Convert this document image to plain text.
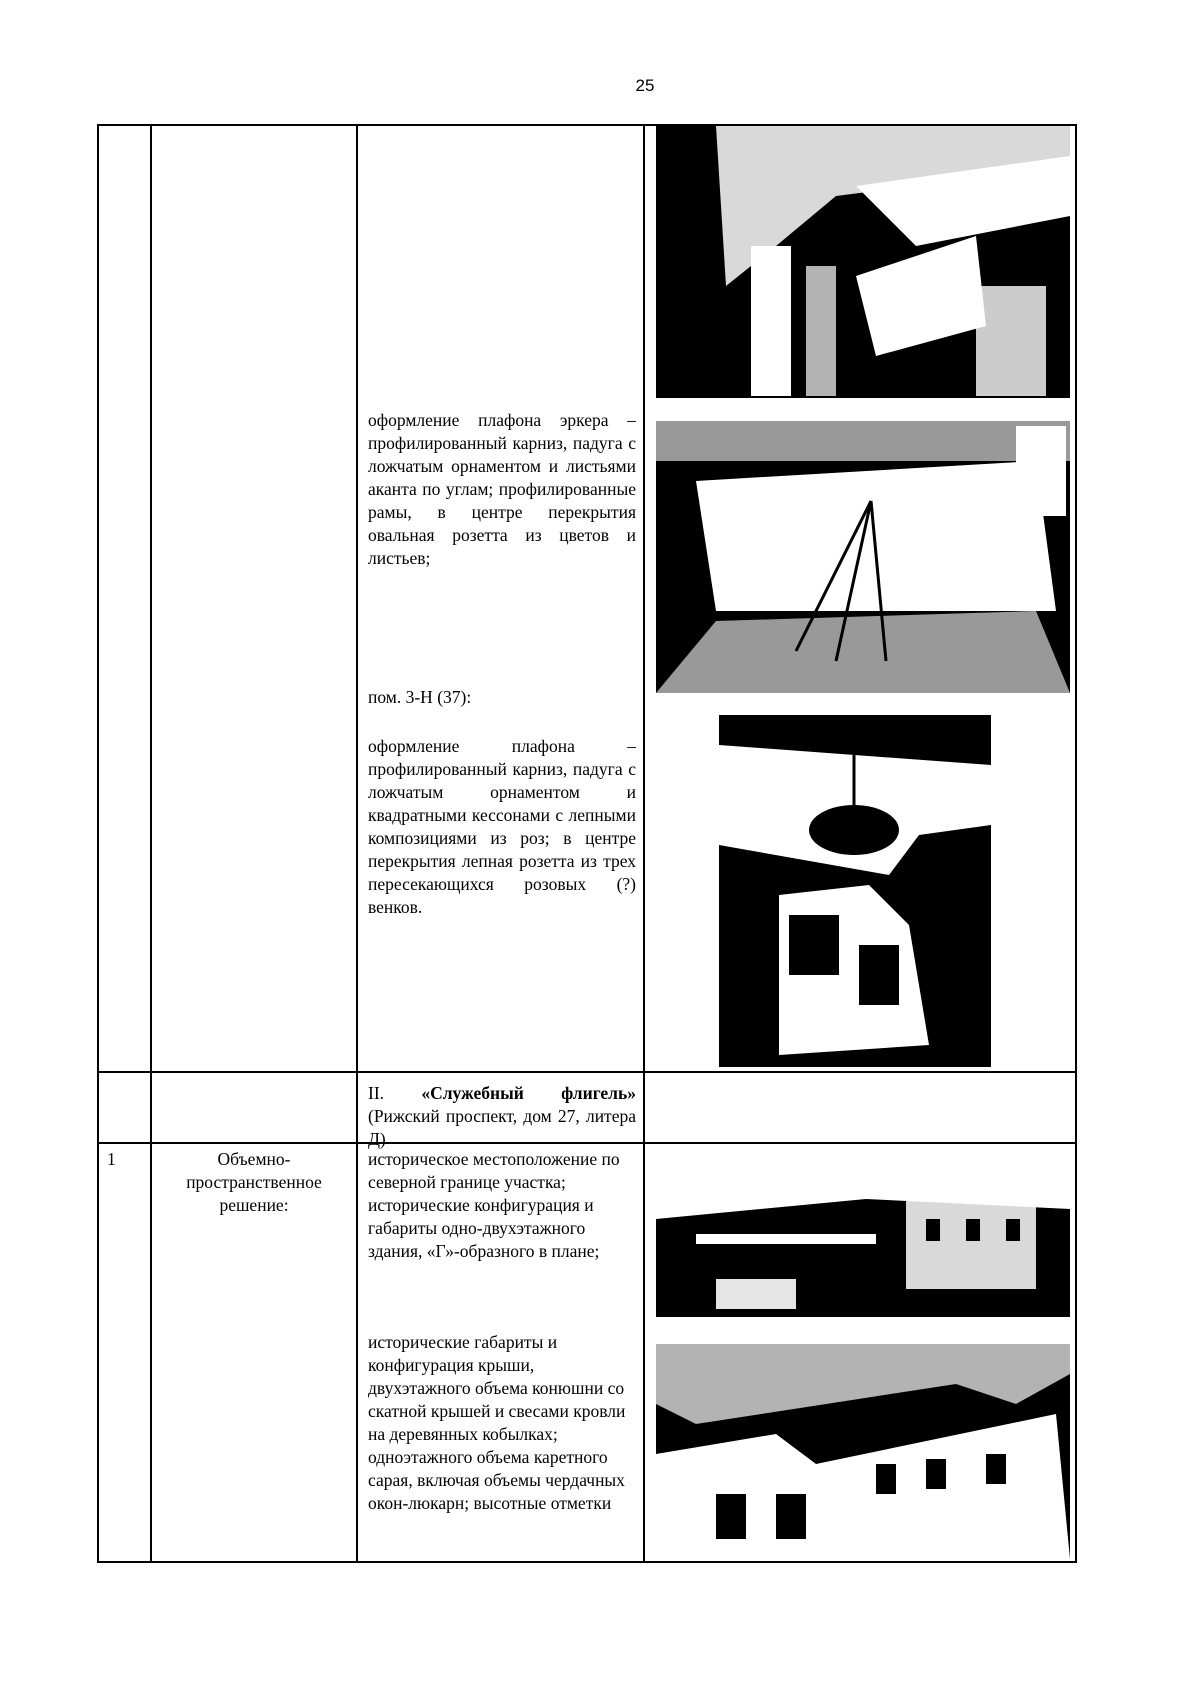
25
оформление плафона эркера – профилированный карниз, падуга с ложчатым орнаментом и листьями аканта по углам; профилированные рамы, в центре перекрытия овальная розетта из цветов и листьев;
пом. 3-Н (37):
оформление плафона – профилированный карниз, падуга с ложчатым орнаментом и квадратными кессонами с лепными композициями из роз; в центре перекрытия лепная розетта из трех пересекающихся розовых (?) венков.
II. «Служебный флигель» (Рижский проспект, дом 27, литера Д)
1	Объемно-пространственное решение:
историческое местоположение по северной границе участка; исторические конфигурация и габариты одно-двухэтажного здания, «Г»-образного в плане;
исторические габариты и конфигурация крыши, двухэтажного объема конюшни со скатной крышей и свесами кровли на деревянных кобылках; одноэтажного объема каретного сарая, включая объемы чердачных окон-люкарн; высотные отметки
